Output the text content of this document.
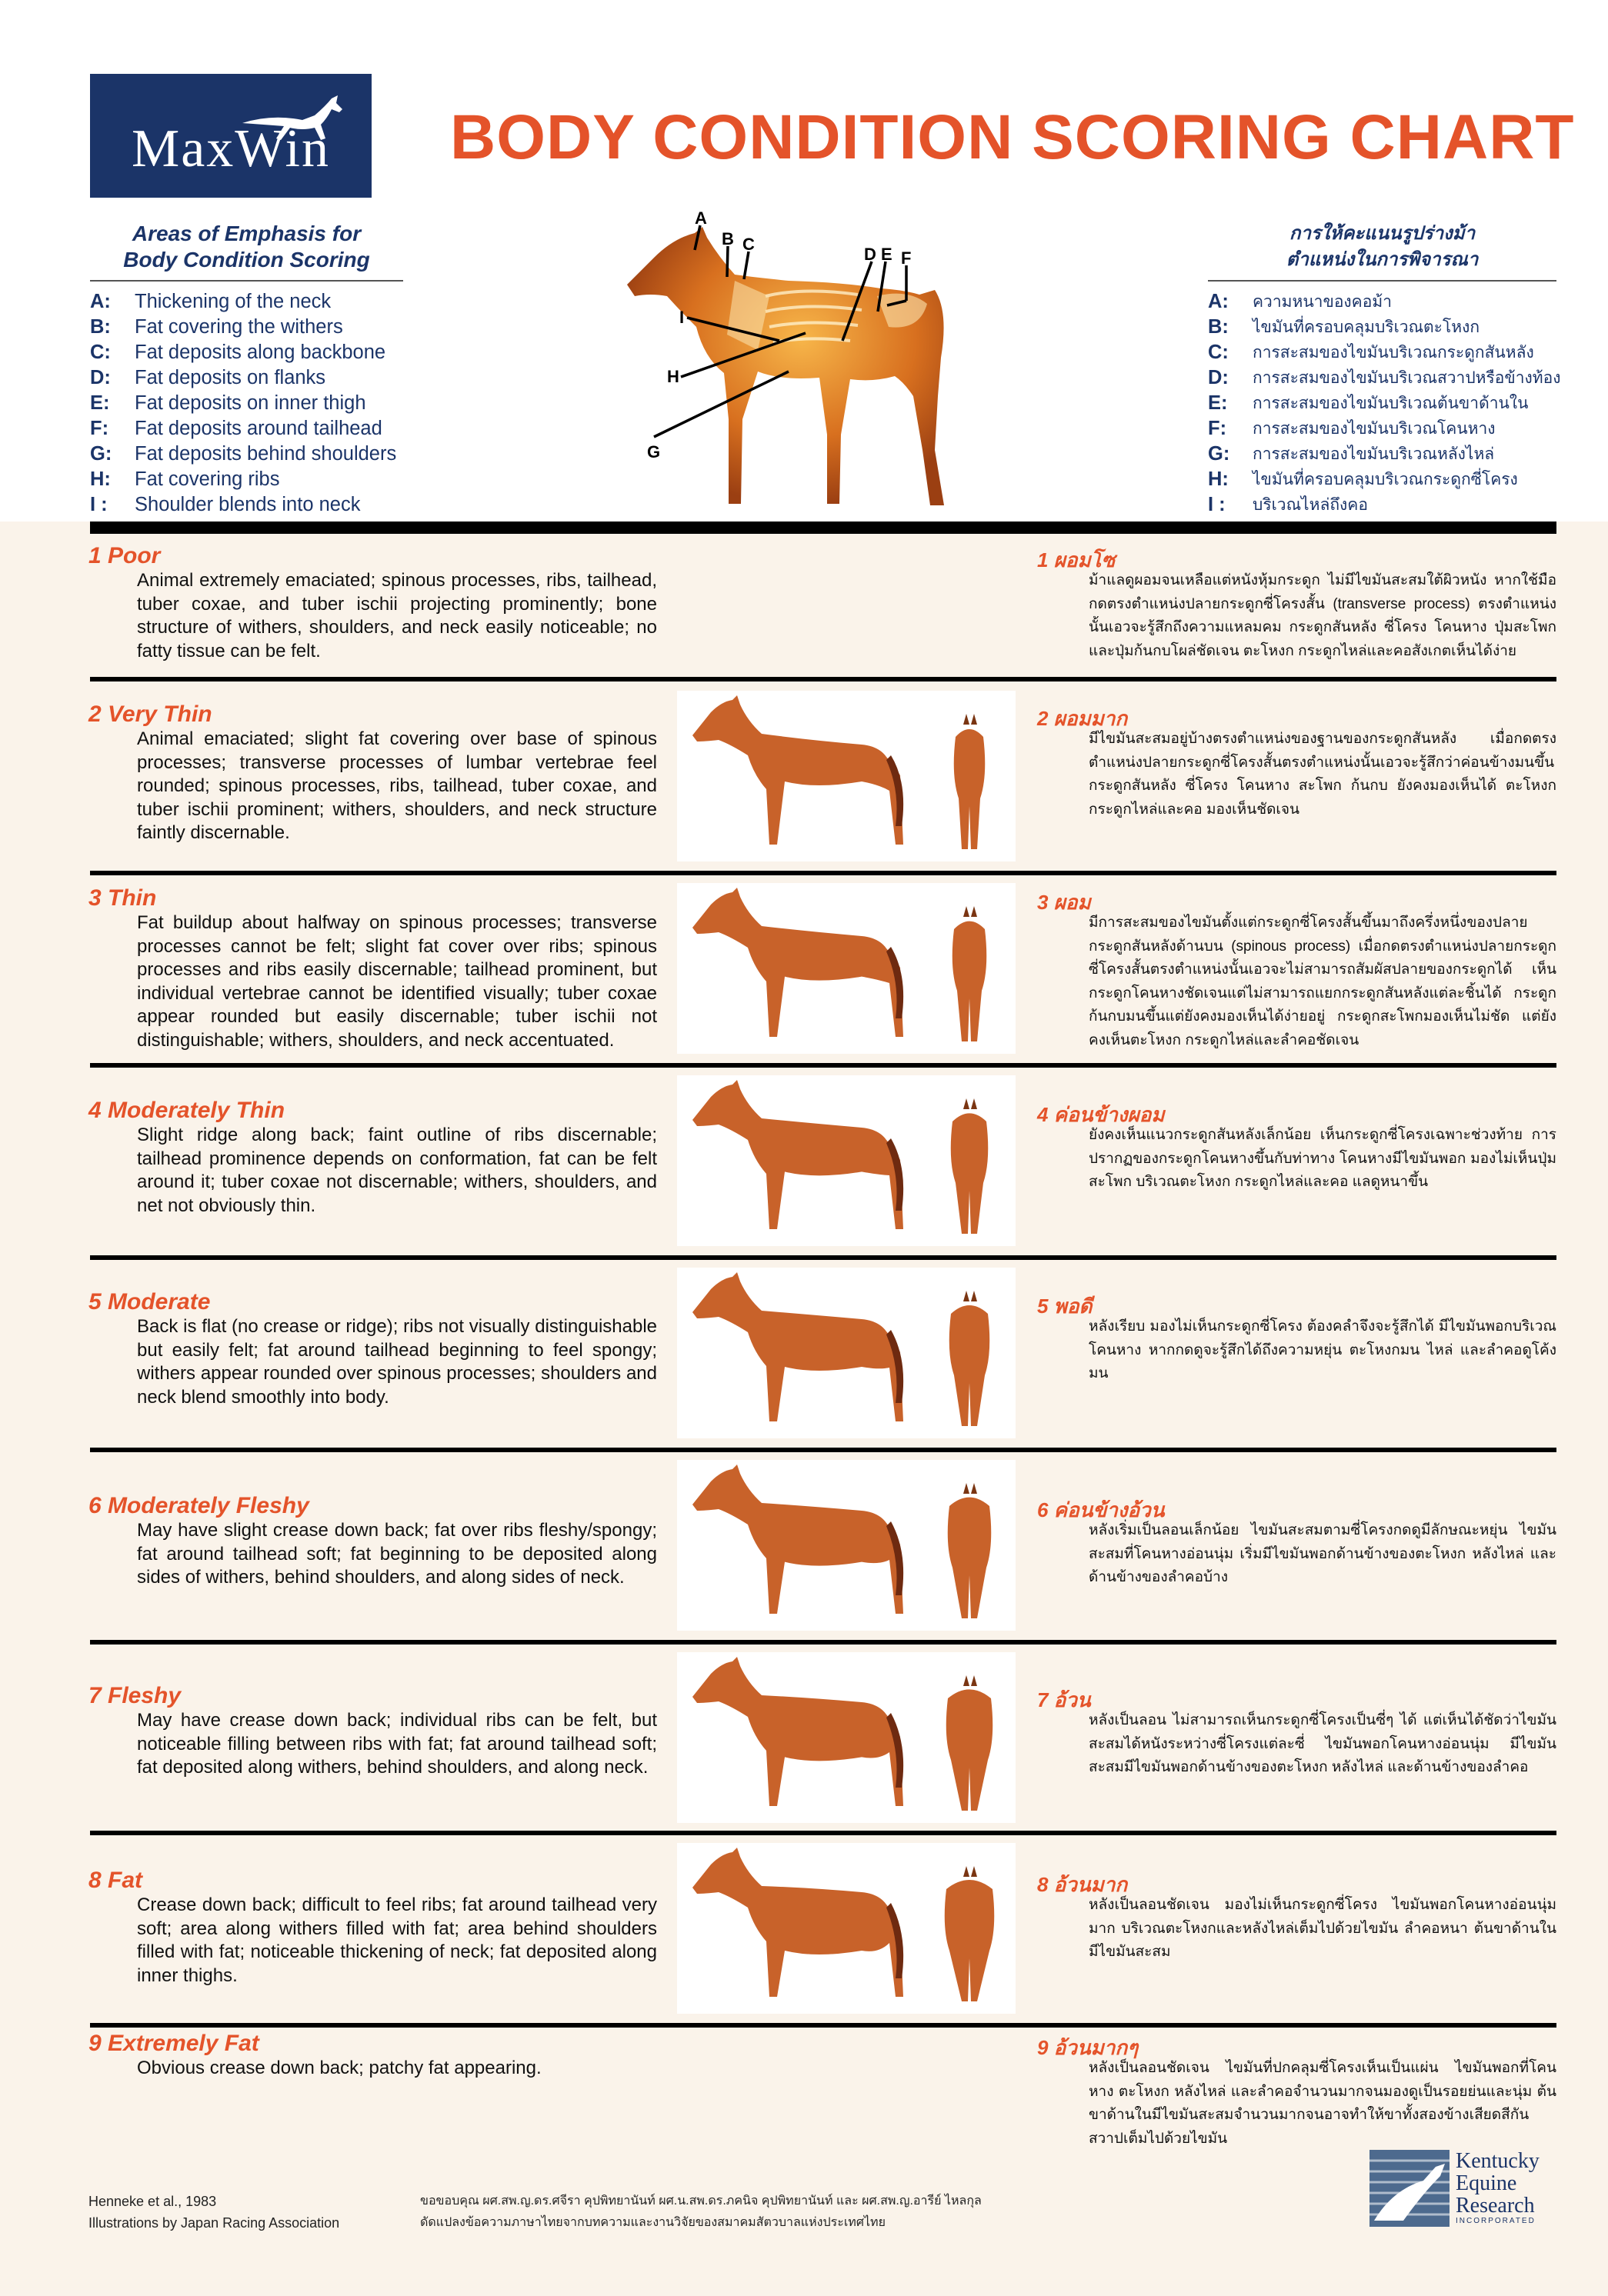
MaxWin	BODY CONDITION SCORING CHART
Areas of Emphasis for
Body Condition Scoring
A:	Thickening of the neck
B:	Fat covering the withers
C:	Fat deposits along backbone
D:	Fat deposits on flanks
E:	Fat deposits on inner thigh
F:	Fat deposits around tailhead
G:	Fat deposits behind shoulders
H:	Fat covering ribs
I :	Shoulder blends into neck
A
B C
D E F
G
H
I
การให้คะแนนรูปร่างม้า
ตำแหน่งในการพิจารณา
A:	ความหนาของคอม้า
B:	ไขมันที่ครอบคลุมบริเวณตะโหงก
C:	การสะสมของไขมันบริเวณกระดูกสันหลัง
D:	การสะสมของไขมันบริเวณสวาปหรือข้างท้อง
E:	การสะสมของไขมันบริเวณต้นขาด้านใน
F:	การสะสมของไขมันบริเวณโคนหาง
G:	การสะสมของไขมันบริเวณหลังไหล่
H:	ไขมันที่ครอบคลุมบริเวณกระดูกซี่โครง
I :	บริเวณไหล่ถึงคอ
1 Poor
Animal extremely emaciated; spinous processes, ribs, tailhead, tuber coxae, and tuber ischii projecting prominently; bone structure of withers, shoulders, and neck easily noticeable; no fatty tissue can be felt.
1 ผอมโซ
ม้าแลดูผอมจนเหลือแต่หนังหุ้มกระดูก ไม่มีไขมันสะสมใต้ผิวหนัง หากใช้มือกดตรงตำแหน่งปลายกระดูกซี่โครงสั้น (transverse process) ตรงตำแหน่งนั้นเอวจะรู้สึกถึงความแหลมคม กระดูกสันหลัง ซี่โครง โคนหาง ปุ่มสะโพก และปุ่มก้นกบโผล่ชัดเจน ตะโหงก กระดูกไหล่และคอสังเกตเห็นได้ง่าย
2 Very Thin
Animal emaciated; slight fat covering over base of spinous processes; transverse processes of lumbar vertebrae feel rounded; spinous processes, ribs, tailhead, tuber coxae, and tuber ischii prominent; withers, shoulders, and neck structure faintly discernable.
2 ผอมมาก
มีไขมันสะสมอยู่บ้างตรงตำแหน่งของฐานของกระดูกสันหลัง เมื่อกดตรงตำแหน่งปลายกระดูกซี่โครงสั้นตรงตำแหน่งนั้นเอวจะรู้สึกว่าค่อนข้างมนขึ้น กระดูกสันหลัง ซี่โครง โคนหาง สะโพก ก้นกบ ยังคงมองเห็นได้ ตะโหงก กระดูกไหล่และคอ มองเห็นชัดเจน
3 Thin
Fat buildup about halfway on spinous processes; transverse processes cannot be felt; slight fat cover over ribs; spinous processes and ribs easily discernable; tailhead prominent, but individual vertebrae cannot be identified visually; tuber coxae appear rounded but easily discernable; tuber ischii not distinguishable; withers, shoulders, and neck accentuated.
3 ผอม
มีการสะสมของไขมันตั้งแต่กระดูกซี่โครงสั้นขึ้นมาถึงครึ่งหนึ่งของปลายกระดูกสันหลังด้านบน (spinous process) เมื่อกดตรงตำแหน่งปลายกระดูกซี่โครงสั้นตรงตำแหน่งนั้นเอวจะไม่สามารถสัมผัสปลายของกระดูกได้ เห็นกระดูกโคนหางชัดเจนแต่ไม่สามารถแยกกระดูกสันหลังแต่ละชิ้นได้ กระดูกก้นกบมนขึ้นแต่ยังคงมองเห็นได้ง่ายอยู่ กระดูกสะโพกมองเห็นไม่ชัด แต่ยังคงเห็นตะโหงก กระดูกไหล่และลำคอชัดเจน
4 Moderately Thin
Slight ridge along back; faint outline of ribs discernable; tailhead prominence depends on conformation, fat can be felt around it; tuber coxae not discernable; withers, shoulders, and net not obviously thin.
4 ค่อนข้างผอม
ยังคงเห็นแนวกระดูกสันหลังเล็กน้อย เห็นกระดูกซี่โครงเฉพาะช่วงท้าย การปรากฏของกระดูกโคนหางขึ้นกับท่าทาง โคนหางมีไขมันพอก มองไม่เห็นปุ่มสะโพก บริเวณตะโหงก กระดูกไหล่และคอ แลดูหนาขึ้น
5 Moderate
Back is flat (no crease or ridge); ribs not visually distinguishable but easily felt; fat around tailhead beginning to feel spongy; withers appear rounded over spinous processes; shoulders and neck blend smoothly into body.
5 พอดี
หลังเรียบ มองไม่เห็นกระดูกซี่โครง ต้องคลำจึงจะรู้สึกได้ มีไขมันพอกบริเวณโคนหาง หากกดดูจะรู้สึกได้ถึงความหยุ่น ตะโหงกมน ไหล่ และลำคอดูโค้งมน
6 Moderately Fleshy
May have slight crease down back; fat over ribs fleshy/spongy; fat around tailhead soft; fat beginning to be deposited along sides of withers, behind shoulders, and along sides of neck.
6 ค่อนข้างอ้วน
หลังเริ่มเป็นลอนเล็กน้อย ไขมันสะสมตามซี่โครงกดดูมีลักษณะหยุ่น ไขมันสะสมที่โคนหางอ่อนนุ่ม เริ่มมีไขมันพอกด้านข้างของตะโหงก หลังไหล่ และด้านข้างของลำคอบ้าง
7 Fleshy
May have crease down back; individual ribs can be felt, but noticeable filling between ribs with fat; fat around tailhead soft; fat deposited along withers, behind shoulders, and along neck.
7 อ้วน
หลังเป็นลอน ไม่สามารถเห็นกระดูกซี่โครงเป็นซี่ๆ ได้ แต่เห็นได้ชัดว่าไขมันสะสมได้หนังระหว่างซี่โครงแต่ละซี่ ไขมันพอกโคนหางอ่อนนุ่ม มีไขมันสะสมมีไขมันพอกด้านข้างของตะโหงก หลังไหล่ และด้านข้างของลำคอ
8 Fat
Crease down back; difficult to feel ribs; fat around tailhead very soft; area along withers filled with fat; area behind shoulders filled with fat; noticeable thickening of neck; fat deposited along inner thighs.
8 อ้วนมาก
หลังเป็นลอนชัดเจน มองไม่เห็นกระดูกซี่โครง ไขมันพอกโคนหางอ่อนนุ่มมาก บริเวณตะโหงกและหลังไหล่เต็มไปด้วยไขมัน ลำคอหนา ต้นขาด้านในมีไขมันสะสม
9 Extremely Fat
Obvious crease down back; patchy fat appearing.
9 อ้วนมากๆ
หลังเป็นลอนชัดเจน ไขมันที่ปกคลุมซี่โครงเห็นเป็นแผ่น ไขมันพอกที่โคนหาง ตะโหงก หลังไหล่ และลำคอจำนวนมากจนมองดูเป็นรอยย่นและนุ่ม ต้นขาด้านในมีไขมันสะสมจำนวนมากจนอาจทำให้ขาทั้งสองข้างเสียดสีกัน สวาปเต็มไปด้วยไขมัน
Henneke et al., 1983
Illustrations by Japan Racing Association
ขอขอบคุณ ผศ.สพ.ญ.ดร.ศจีรา คุปพิทยานันท์ ผศ.น.สพ.ดร.ภคนิจ คุปพิทยานันท์ และ ผศ.สพ.ญ.อารีย์ ไหลกุล
ดัดแปลงข้อความภาษาไทยจากบทความและงานวิจัยของสมาคมสัตวบาลแห่งประเทศไทย
Kentucky
Equine
Research
INCORPORATED
